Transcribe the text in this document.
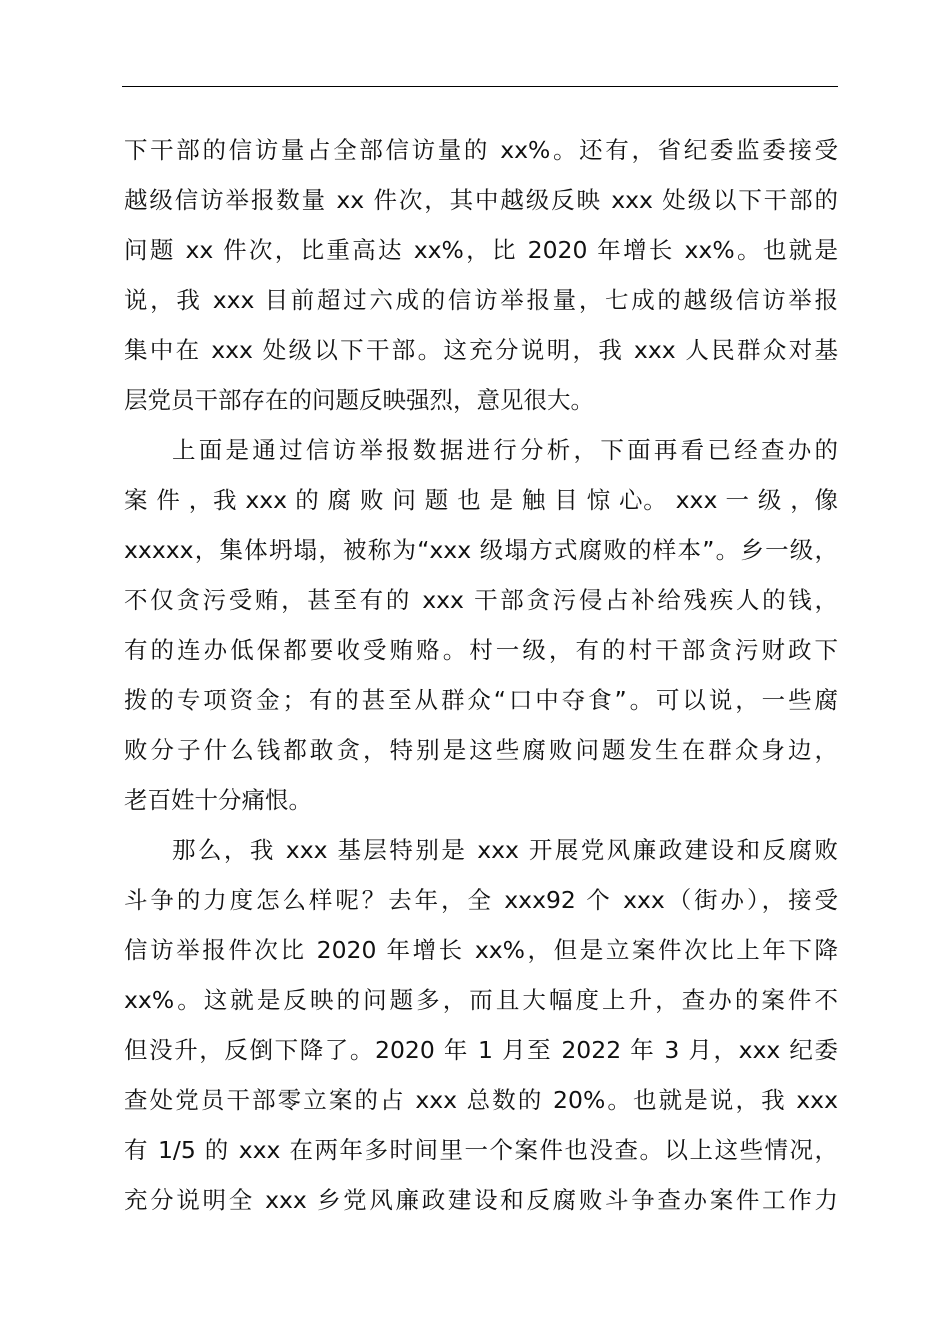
下干部的信访量占全部信访量的 xx%。还有，省纪委监委接受
越级信访举报数量 xx 件次，其中越级反映 xxx 处级以下干部的
问题 xx 件次，比重高达 xx%，比 2020 年增长 xx%。也就是
说，我 xxx 目前超过六成的信访举报量，七成的越级信访举报
集中在 xxx 处级以下干部。这充分说明，我 xxx 人民群众对基
层党员干部存在的问题反映强烈，意见很大。
上面是通过信访举报数据进行分析，下面再看已经查办的
案 件 ，我 xxx 的 腐 败 问 题 也 是 触 目 惊 心。 xxx 一 级 ，像
xxxxx，集体坍塌，被称为“xxx 级塌方式腐败的样本”。乡一级，
不仅贪污受贿，甚至有的 xxx 干部贪污侵占补给残疾人的钱，
有的连办低保都要收受贿赂。村一级，有的村干部贪污财政下
拨的专项资金；有的甚至从群众“口中夺食”。可以说，一些腐
败分子什么钱都敢贪，特别是这些腐败问题发生在群众身边，
老百姓十分痛恨。
那么，我 xxx 基层特别是 xxx 开展党风廉政建设和反腐败
斗争的力度怎么样呢？去年，全 xxx92 个 xxx（街办），接受
信访举报件次比 2020 年增长 xx%，但是立案件次比上年下降
xx%。这就是反映的问题多，而且大幅度上升，查办的案件不
但没升，反倒下降了。2020 年 1 月至 2022 年 3 月，xxx 纪委
查处党员干部零立案的占 xxx 总数的 20%。也就是说，我 xxx
有 1/5 的 xxx 在两年多时间里一个案件也没查。以上这些情况，
充分说明全 xxx 乡党风廉政建设和反腐败斗争查办案件工作力
